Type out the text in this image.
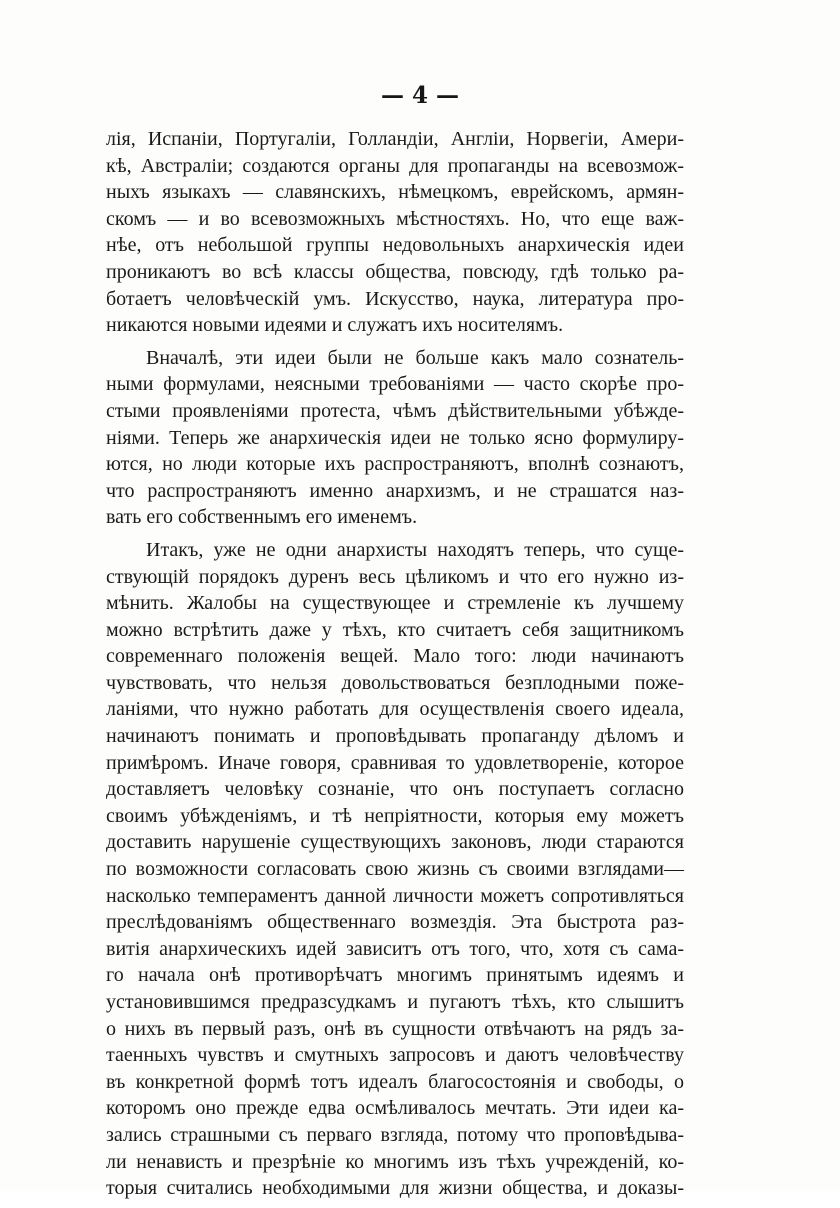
— 4 —
лія, Испаніи, Португаліи, Голландіи, Англіи, Норвегіи, Амери-
кѣ, Австраліи; создаются органы для пропаганды на всевозмож-
ныхъ языкахъ — славянскихъ, нѣмецкомъ, еврейскомъ, армян-
скомъ — и во всевозможныхъ мѣстностяхъ. Но, что еще важ-
нѣе, отъ небольшой группы недовольныхъ анархическія идеи
проникаютъ во всѣ классы общества, повсюду, гдѣ только ра-
ботаетъ человѣческій умъ. Искусство, наука, литература про-
никаются новыми идеями и служатъ ихъ носителямъ.
Вначалѣ, эти идеи были не больше какъ мало сознатель-
ными формулами, неясными требованіями — часто скорѣе про-
стыми проявленіями протеста, чѣмъ дѣйствительными убѣжде-
ніями. Теперь же анархическія идеи не только ясно формулиру-
ются, но люди которые ихъ распространяютъ, вполнѣ сознаютъ,
что распространяютъ именно анархизмъ, и не страшатся наз-
вать его собственнымъ его именемъ.
Итакъ, уже не одни анархисты находятъ теперь, что суще-
ствующій порядокъ дуренъ весь цѣликомъ и что его нужно из-
мѣнить. Жалобы на существующее и стремленіе къ лучшему
можно встрѣтить даже у тѣхъ, кто считаетъ себя защитникомъ
современнаго положенія вещей. Мало того: люди начинаютъ
чувствовать, что нельзя довольствоваться безплодными поже-
ланіями, что нужно работать для осуществленія своего идеала,
начинаютъ понимать и проповѣдывать пропаганду дѣломъ и
примѣромъ. Иначе говоря, сравнивая то удовлетвореніе, которое
доставляетъ человѣку сознаніе, что онъ поступаетъ согласно
своимъ убѣжденіямъ, и тѣ непріятности, которыя ему можетъ
доставить нарушеніе существующихъ законовъ, люди стараются
по возможности согласовать свою жизнь съ своими взглядами—
насколько темпераментъ данной личности можетъ сопротивляться
преслѣдованіямъ общественнаго возмездія. Эта быстрота раз-
витія анархическихъ идей зависитъ отъ того, что, хотя съ сама-
го начала онѣ противорѣчатъ многимъ принятымъ идеямъ и
установившимся предразсудкамъ и пугаютъ тѣхъ, кто слышитъ
о нихъ въ первый разъ, онѣ въ сущности отвѣчаютъ на рядъ за-
таенныхъ чувствъ и смутныхъ запросовъ и даютъ человѣчеству
въ конкретной формѣ тотъ идеалъ благосостоянія и свободы, о
которомъ оно прежде едва осмѣливалось мечтать. Эти идеи ка-
зались страшными съ перваго взгляда, потому что проповѣдыва-
ли ненависть и презрѣніе ко многимъ изъ тѣхъ учрежденій, ко-
торыя считались необходимыми для жизни общества, и доказы-
